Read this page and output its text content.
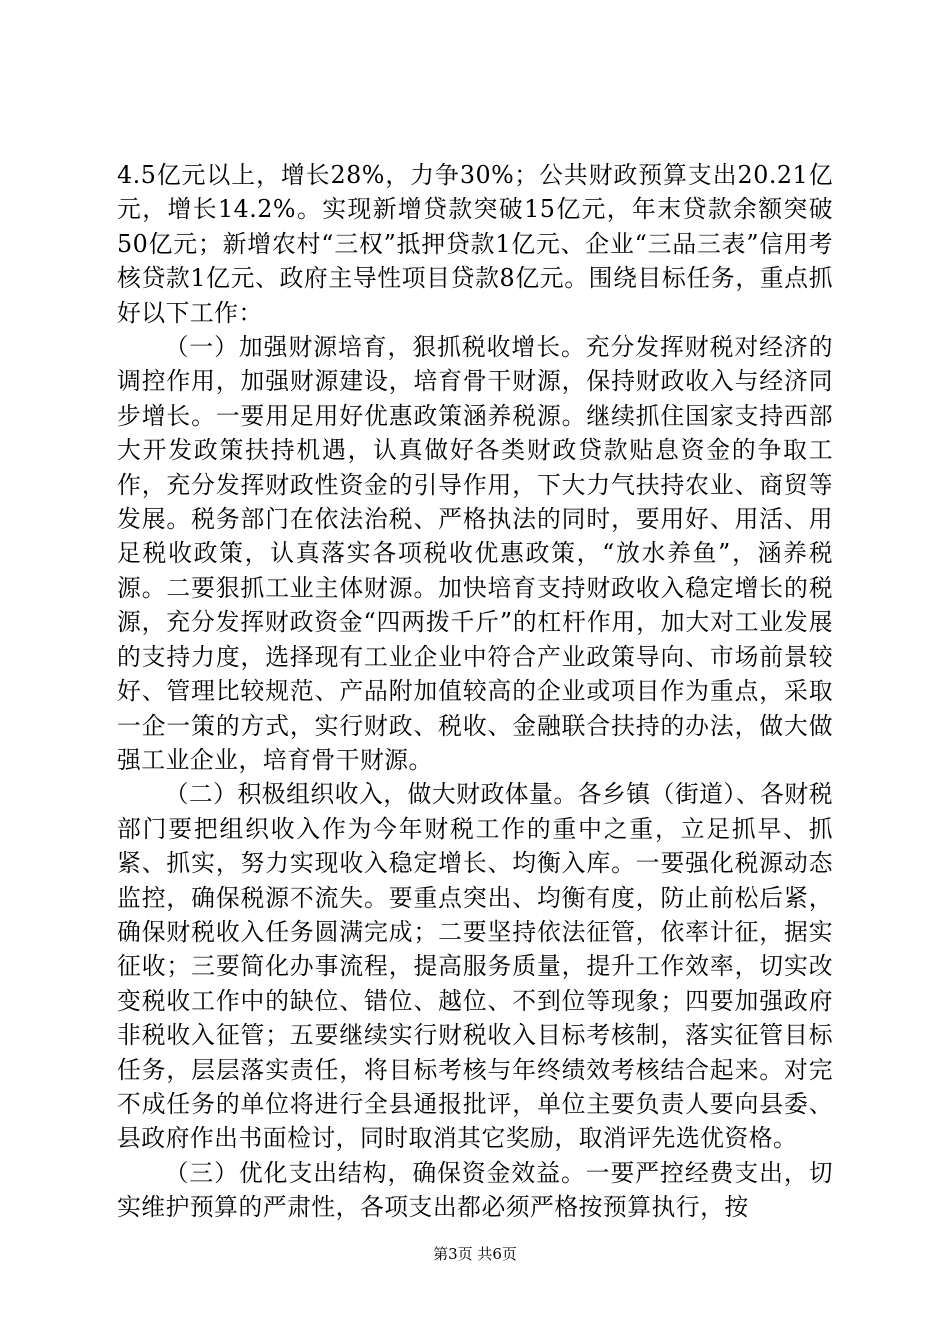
4.5亿元以上，增长28%，力争30%；公共财政预算支出20.21亿元，增长14.2%。实现新增贷款突破15亿元，年末贷款余额突破50亿元；新增农村“三权”抵押贷款1亿元、企业“三品三表”信用考核贷款1亿元、政府主导性项目贷款8亿元。围绕目标任务，重点抓好以下工作：

（一）加强财源培育，狠抓税收增长。充分发挥财税对经济的调控作用，加强财源建设，培育骨干财源，保持财政收入与经济同步增长。一要用足用好优惠政策涵养税源。继续抓住国家支持西部大开发政策扶持机遇，认真做好各类财政贷款贴息资金的争取工作，充分发挥财政性资金的引导作用，下大力气扶持农业、商贸等发展。税务部门在依法治税、严格执法的同时，要用好、用活、用足税收政策，认真落实各项税收优惠政策，“放水养鱼”，涵养税源。二要狠抓工业主体财源。加快培育支持财政收入稳定增长的税源，充分发挥财政资金“四两拨千斤”的杠杆作用，加大对工业发展的支持力度，选择现有工业企业中符合产业政策导向、市场前景较好、管理比较规范、产品附加值较高的企业或项目作为重点，采取一企一策的方式，实行财政、税收、金融联合扶持的办法，做大做强工业企业，培育骨干财源。

（二）积极组织收入，做大财政体量。各乡镇（街道）、各财税部门要把组织收入作为今年财税工作的重中之重，立足抓早、抓紧、抓实，努力实现收入稳定增长、均衡入库。一要强化税源动态监控，确保税源不流失。要重点突出、均衡有度，防止前松后紧，确保财税收入任务圆满完成；二要坚持依法征管，依率计征，据实征收；三要简化办事流程，提高服务质量，提升工作效率，切实改变税收工作中的缺位、错位、越位、不到位等现象；四要加强政府非税收入征管；五要继续实行财税收入目标考核制，落实征管目标任务，层层落实责任，将目标考核与年终绩效考核结合起来。对完不成任务的单位将进行全县通报批评，单位主要负责人要向县委、县政府作出书面检讨，同时取消其它奖励，取消评先选优资格。

（三）优化支出结构，确保资金效益。一要严控经费支出，切实维护预算的严肃性，各项支出都必须严格按预算执行，按

第3页 共6页
